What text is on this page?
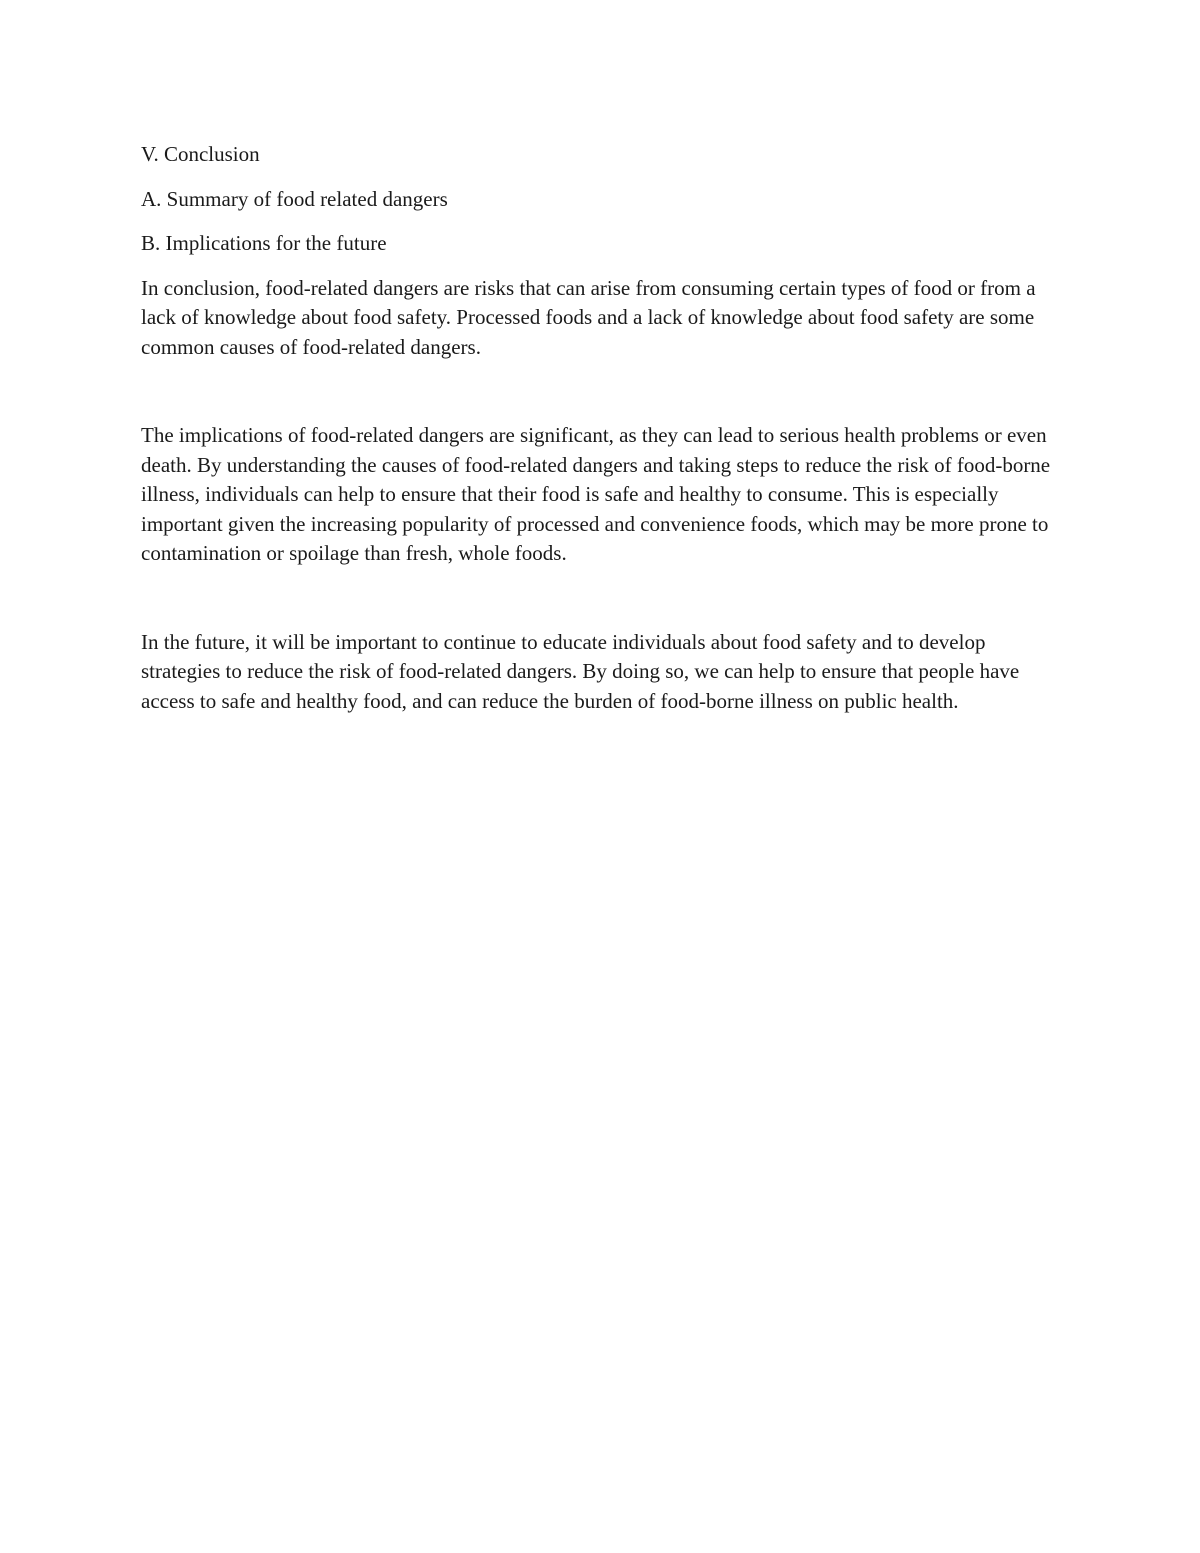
V. Conclusion

A. Summary of food related dangers

B. Implications for the future

In conclusion, food-related dangers are risks that can arise from consuming certain types of food or from a lack of knowledge about food safety. Processed foods and a lack of knowledge about food safety are some common causes of food-related dangers.

The implications of food-related dangers are significant, as they can lead to serious health problems or even death. By understanding the causes of food-related dangers and taking steps to reduce the risk of food-borne illness, individuals can help to ensure that their food is safe and healthy to consume. This is especially important given the increasing popularity of processed and convenience foods, which may be more prone to contamination or spoilage than fresh, whole foods.

In the future, it will be important to continue to educate individuals about food safety and to develop strategies to reduce the risk of food-related dangers. By doing so, we can help to ensure that people have access to safe and healthy food, and can reduce the burden of food-borne illness on public health.
